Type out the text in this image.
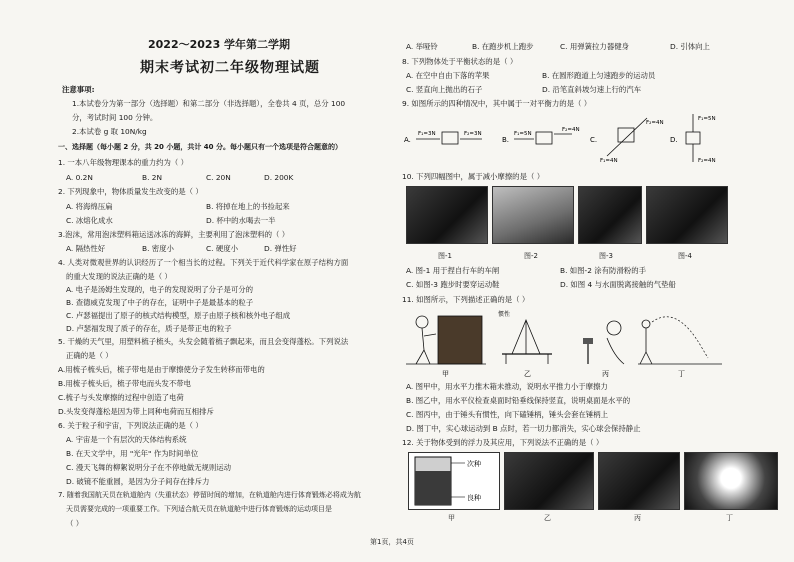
2022～2023 学年第二学期
期末考试初二年级物理试题
注意事项:
1.本试卷分为第一部分（选择题）和第二部分（非选择题），全卷共 4 页，总分 100
分，考试时间 100 分钟。
2.本试卷 g 取 10N/kg
一、选择题（每小题 2 分，共 20 小题，共计 40 分。每小题只有一个选项是符合题意的）
1. 一本八年级物理课本的重力约为（ ）
A. 0.2N	B. 2N	C. 20N	D. 200K
2. 下列现象中，物体质量发生改变的是（ ）
A. 将海绵压扁	B. 将掉在地上的书捡起来
C. 冰熔化成水	D. 杯中的水喝去一半
3.泡沫，常用泡沫塑料箱运送冰冻的海鲜，主要利用了泡沫塑料的（ ）
A. 隔热性好	B. 密度小	C. 硬度小	D. 弹性好
4. 人类对微观世界的认识经历了一个相当长的过程。下列关于近代科学家在原子结构方面
的重大发现的说法正确的是（ ）
A. 电子是汤姆生发现的，电子的发现说明了分子是可分的
B. 查德威克发现了中子的存在，证明中子是最基本的粒子
C. 卢瑟福提出了原子的核式结构模型，原子由原子核和核外电子组成
D. 卢瑟福发现了质子的存在，质子是带正电的粒子
5. 干燥的天气里，用塑料梳子梳头，头发会随着梳子飘起来，而且会变得蓬松。下列说法
正确的是（ ）
A.用梳子梳头后，梳子带电是由于摩擦使分子发生转移而带电的
B.用梳子梳头后，梳子带电而头发不带电
C.梳子与头发摩擦的过程中创造了电荷
D.头发变得蓬松是因为带上同种电荷而互相排斥
6. 关于粒子和宇宙，下列说法正确的是（ ）
A. 宇宙是一个有层次的天体结构系统
B. 在天文学中，用 "光年" 作为时间单位
C. 漫天飞舞的柳絮说明分子在不停地做无规则运动
D. 破镜不能重圆，是因为分子间存在排斥力
7. 随着我国航天员在轨道舱内（失重状态）停留时间的增加，在轨道舱内进行体育锻炼必将成为航
天员需要完成的一项重要工作。下列适合航天员在轨道舱中进行体育锻炼的运动项目是
（ ）
A. 举哑铃	B. 在跑步机上跑步	C. 用弹簧拉力器健身	D. 引体向上
8. 下列物体处于平衡状态的是（ ）
A. 在空中自由下落的苹果	B. 在圆形跑道上匀速跑步的运动员
C. 竖直向上抛出的石子	D. 沿笔直斜坡匀速上行的汽车
9. 如图所示的四种情况中，其中属于一对平衡力的是（ ）
A.
F₁=3N	F₂=3N
B.
F₁=5N
F₂=4N
C.
F₂=4N
F₁=4N
D.
F₁=5N
F₂=4N
10. 下列四幅图中，属于减小摩擦的是（ ）
图-1	图-2	图-3	图-4
A. 图-1 用于捏自行车的车闸	B. 如图-2 涂有防滑粉的手
C. 如图-3 跑步时要穿运动鞋	D. 如图 4 与水面脱离接触的气垫船
11. 如图所示，下列描述正确的是（ ）
甲
惯性
乙	丙	丁
A. 图甲中，用水平力推木箱未推动，说明水平推力小于摩擦力
B. 图乙中，用水平仪检查桌面时铅垂线保持竖直，说明桌面是水平的
C. 图丙中，由于锤头有惯性，向下磕锤柄，锤头会套在锤柄上
D. 图丁中，实心球运动到 B 点时，若一切力都消失，实心球会保持静止
12. 关于物体受到的浮力及其应用，下列说法不正确的是（ ）
次种
良种
甲	乙	丙	丁
第1页，共4页
